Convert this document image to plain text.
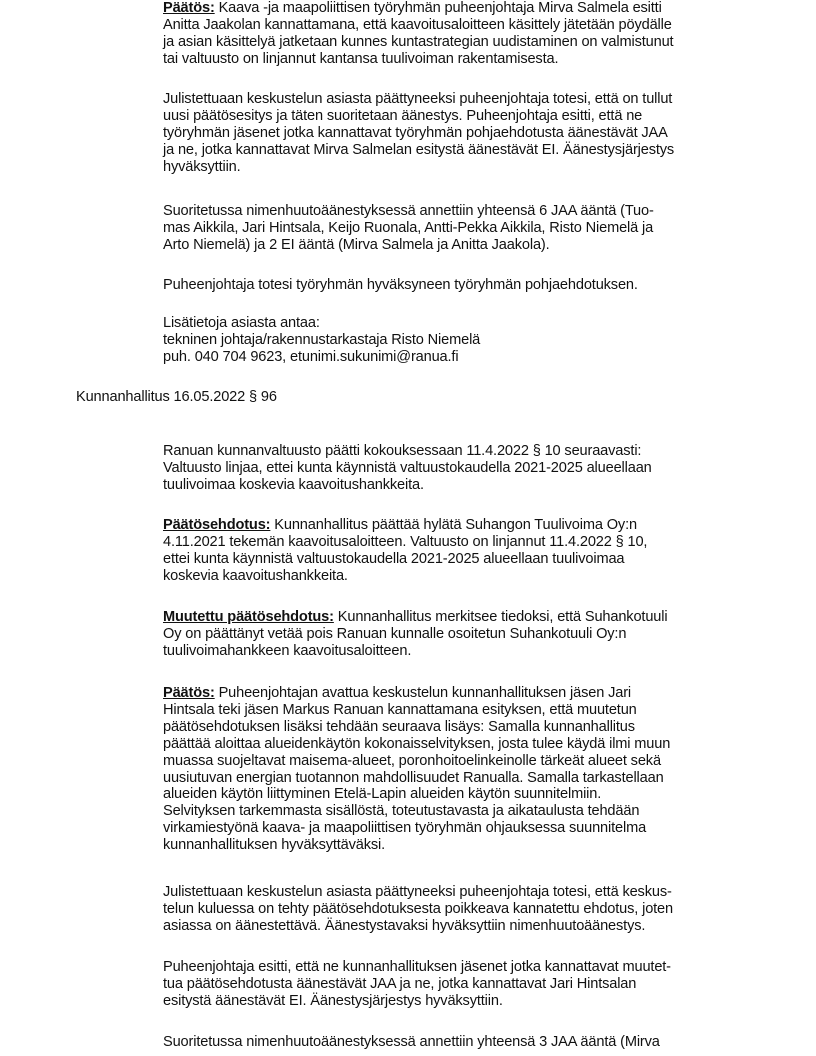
Päätös: Kaava -ja maapoliittisen työryhmän puheenjohtaja Mirva Salmela esitti
Anitta Jaakolan kannattamana, että kaavoitusaloitteen käsittely jätetään pöydälle
ja asian käsittelyä jatketaan kunnes kuntastrategian uudistaminen on valmistunut
tai valtuusto on linjannut kantansa tuulivoiman rakentamisesta.

Julistettuaan keskustelun asiasta päättyneeksi puheenjohtaja totesi, että on tullut
uusi päätösesitys ja täten suoritetaan äänestys. Puheenjohtaja esitti, että ne
työryhmän jäsenet jotka kannattavat työryhmän pohjaehdotusta äänestävät JAA
ja ne, jotka kannattavat Mirva Salmelan esitystä äänestävät EI. Äänestysjärjestys
hyväksyttiin.

Suoritetussa nimenhuutoäänestyksessä annettiin yhteensä 6 JAA ääntä (Tuo-
mas Aikkila, Jari Hintsala, Keijo Ruonala, Antti-Pekka Aikkila, Risto Niemelä ja
Arto Niemelä) ja 2 EI ääntä (Mirva Salmela ja Anitta Jaakola).

Puheenjohtaja totesi työryhmän hyväksyneen työryhmän pohjaehdotuksen.

Lisätietoja asiasta antaa:
tekninen johtaja/rakennustarkastaja Risto Niemelä
puh. 040 704 9623, etunimi.sukunimi@ranua.fi

Kunnanhallitus 16.05.2022 § 96

Ranuan kunnanvaltuusto päätti kokouksessaan 11.4.2022 § 10 seuraavasti:
Valtuusto linjaa, ettei kunta käynnistä valtuustokaudella 2021-2025 alueellaan
tuulivoimaa koskevia kaavoitushankkeita.

Päätösehdotus: Kunnanhallitus päättää hylätä Suhangon Tuulivoima Oy:n
4.11.2021 tekemän kaavoitusaloitteen. Valtuusto on linjannut 11.4.2022 § 10,
ettei kunta käynnistä valtuustokaudella 2021-2025 alueellaan tuulivoimaa
koskevia kaavoitushankkeita.

Muutettu päätösehdotus: Kunnanhallitus merkitsee tiedoksi, että Suhankotuuli
Oy on päättänyt vetää pois Ranuan kunnalle osoitetun Suhankotuuli Oy:n
tuulivoimahankkeen kaavoitusaloitteen.

Päätös: Puheenjohtajan avattua keskustelun kunnanhallituksen jäsen Jari
Hintsala teki jäsen Markus Ranuan kannattamana esityksen, että muutetun
päätösehdotuksen lisäksi tehdään seuraava lisäys: Samalla kunnanhallitus
päättää aloittaa alueidenkäytön kokonaisselvityksen, josta tulee käydä ilmi muun
muassa suojeltavat maisema-alueet, poronhoitoelinkeinolle tärkeät alueet sekä
uusiutuvan energian tuotannon mahdollisuudet Ranualla. Samalla tarkastellaan
alueiden käytön liittyminen Etelä-Lapin alueiden käytön suunnitelmiin.
Selvityksen tarkemmasta sisällöstä, toteutustavasta ja aikataulusta tehdään
virkamiestyönä kaava- ja maapoliittisen työryhmän ohjauksessa suunnitelma
kunnanhallituksen hyväksyttäväksi.

Julistettuaan keskustelun asiasta päättyneeksi puheenjohtaja totesi, että keskus-
telun kuluessa on tehty päätösehdotuksesta poikkeava kannatettu ehdotus, joten
asiassa on äänestettävä. Äänestystavaksi hyväksyttiin nimenhuutoäänestys.

Puheenjohtaja esitti, että ne kunnanhallituksen jäsenet jotka kannattavat muutet-
tua päätösehdotusta äänestävät JAA ja ne, jotka kannattavat Jari Hintsalan
esitystä äänestävät EI. Äänestysjärjestys hyväksyttiin.

Suoritetussa nimenhuutoäänestyksessä annettiin yhteensä 3 JAA ääntä (Mirva
